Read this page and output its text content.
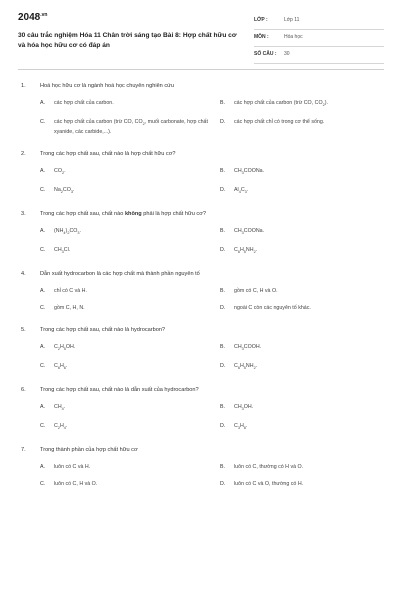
$2048^{.vn}$
30 câu trắc nghiệm Hóa 11 Chân trời sáng tạo Bài 8: Hợp chất hữu cơ và hóa học hữu cơ có đáp án
LỚP :	Lớp 11
MÔN :	Hóa học
SỐ CÂU : 30
1.	Hoá học hữu cơ là ngành hoá học chuyên nghiên cứu
A. các hợp chất của carbon.	B. các hợp chất của carbon (trừ CO, $CO_2$).
C. các hợp chất của carbon (trừ CO, $CO_2$, muối carbonate, hợp chất xyanide, các carbide,...).
D. các hợp chất chỉ có trong cơ thể sống.
2.	Trong các hợp chất sau, chất nào là hợp chất hữu cơ?
A. $CO_2$.	B. $CH_3COONa$.
C. $Na_2CO_3$.	D. $Al_4C_3$.
3.	Trong các hợp chất sau, chất nào không phải là hợp chất hữu cơ?
A. $(NH_4)_2CO_3$.	B. $CH_3COONa$.
C. $CH_3Cl$.	D. $C_6H_5NH_2$.
4.	Dẫn xuất hydrocarbon là các hợp chất mà thành phần nguyên tố
A. chỉ có C và H.	B. gồm có C, H và O.
C. gồm C, H, N.	D. ngoài C còn các nguyên tố khác.
5.	Trong các hợp chất sau, chất nào là hydrocarbon?
A. $C_2H_5OH$.	B. $CH_3COOH$.
C. $C_6H_6$.	D. $C_6H_5NH_2$.
6.	Trong các hợp chất sau, chất nào là dẫn xuất của hydrocarbon?
A. $CH_4$.	B. $CH_3OH$.
C. $C_2H_4$.	D. $C_3H_8$.
7.	Trong thành phần của hợp chất hữu cơ
A. luôn có C và H.	B. luôn có C, thường có H và O.
C. luôn có C, H và O.	D. luôn có C và O, thường có H.
